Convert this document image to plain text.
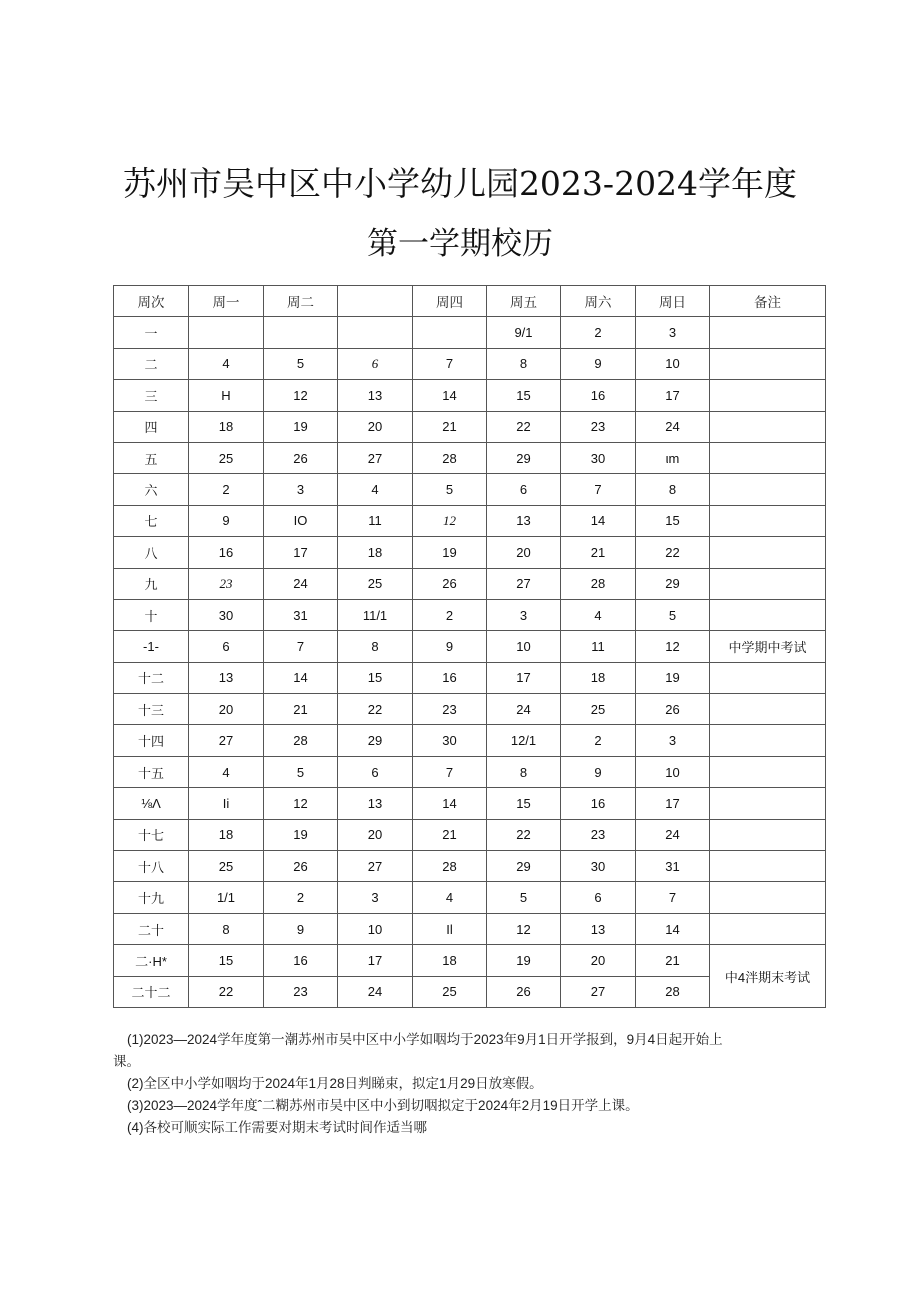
苏州市吴中区中小学幼儿园2023-2024学年度
第一学期校历
周次	周一	周二		周四	周五	周六	周日	备注
一					9/1	2	3	
二	4	5	6	7	8	9	10	
三	H	12	13	14	15	16	17	
四	18	19	20	21	22	23	24	
五	25	26	27	28	29	30	ιm	
六	2	3	4	5	6	7	8	
七	9	IO	11	12	13	14	15	
八	16	17	18	19	20	21	22	
九	23	24	25	26	27	28	29	
十	30	31	11/1	2	3	4	5	
-1-	6	7	8	9	10	11	12	中学期中考试
十二	13	14	15	16	17	18	19	
十三	20	21	22	23	24	25	26	
十四	27	28	29	30	12/1	2	3	
十五	4	5	6	7	8	9	10	
⅛Λ	Ii	12	13	14	15	16	17	
十七	18	19	20	21	22	23	24	
十八	25	26	27	28	29	30	31	
十九	1/1	2	3	4	5	6	7	
二十	8	9	10	Il	12	13	14	
二·H*	15	16	17	18	19	20	21	中4泮期末考试
二十二	22	23	24	25	26	27	28	

(1)2023—2024学年度第一潮苏州市吴中区中小学如咽均于2023年9月1日开学报到，9月4日起开始上

课。

(2)全区中小学如咽均于2024年1月28日判睇束，拟定1月29日放寒假。

(3)2023—2024学年度ˆ二糊苏州市吴中区中小到切咽拟定于2024年2月19日开学上课。

(4)各校可顺实际工作需要对期末考试时间作适当哪
